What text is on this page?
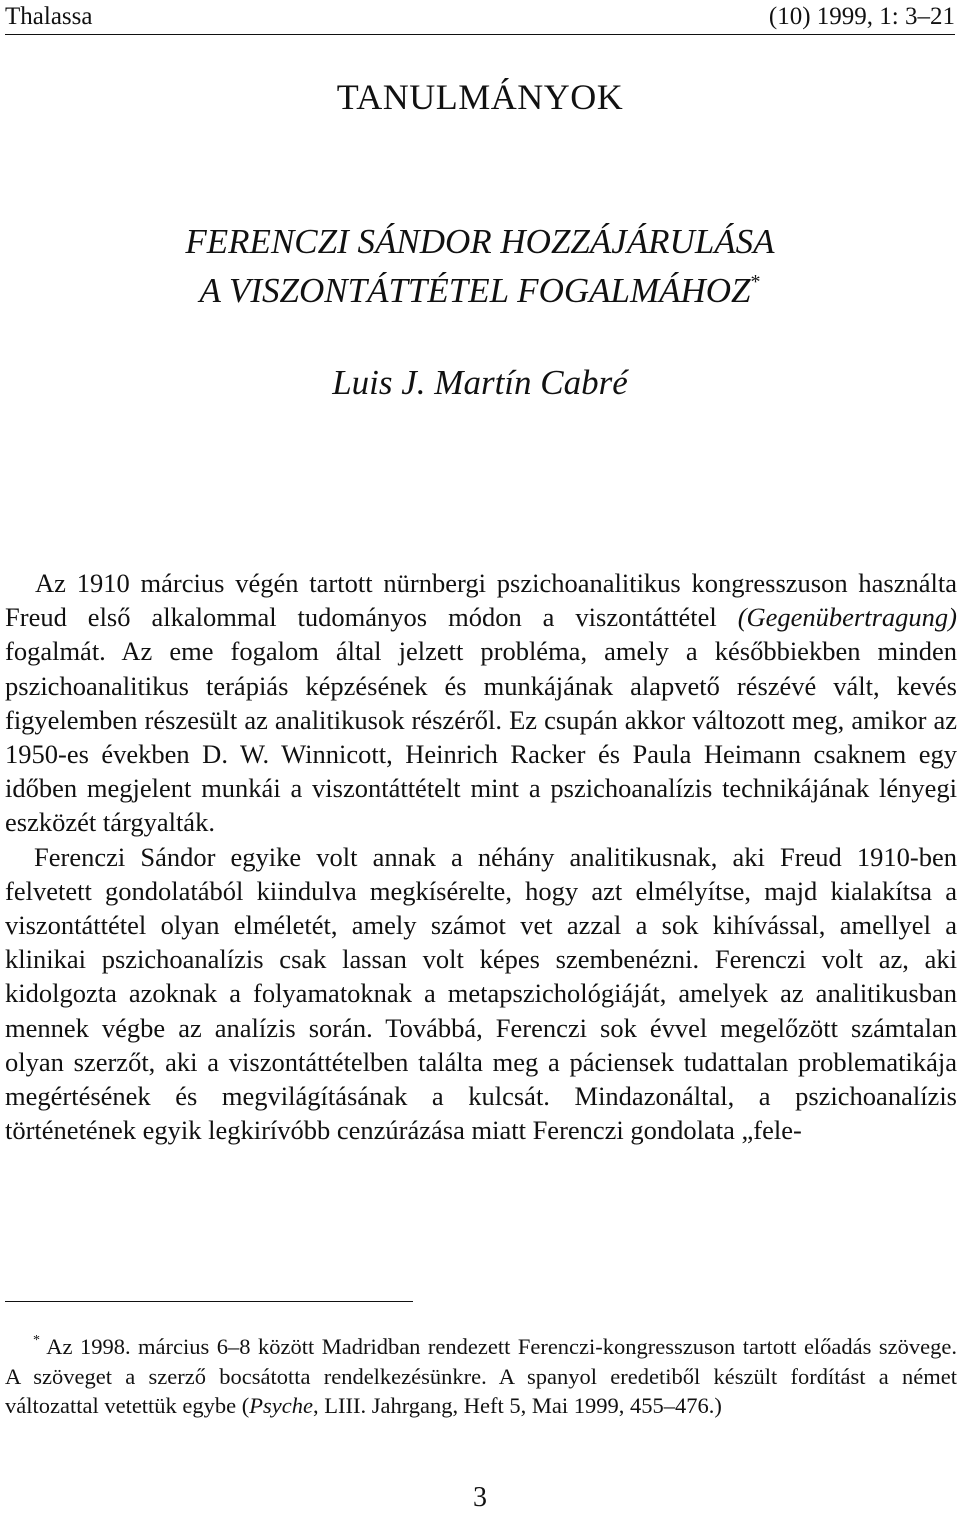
Thalassa	(10) 1999, 1: 3–21
TANULMÁNYOK
FERENCZI SÁNDOR HOZZÁJÁRULÁSA
A VISZONTÁTTÉTEL FOGALMÁHOZ*
Luis J. Martín Cabré

Az 1910 március végén tartott nürnbergi pszichoanalitikus kongresszuson használta Freud első alkalommal tudományos módon a viszontáttétel (Gegenübertragung) fogalmát. Az eme fogalom által jelzett probléma, amely a későbbiekben minden pszichoanalitikus terápiás képzésének és munkájának alapvető részévé vált, kevés figyelemben részesült az analitikusok részéről. Ez csupán akkor változott meg, amikor az 1950-es években D. W. Winnicott, Heinrich Racker és Paula Heimann csaknem egy időben megjelent munkái a viszontáttételt mint a pszichoanalízis technikájának lényegi eszközét tárgyalták.

Ferenczi Sándor egyike volt annak a néhány analitikusnak, aki Freud 1910-ben felvetett gondolatából kiindulva megkísérelte, hogy azt elmélyítse, majd kialakítsa a viszontáttétel olyan elméletét, amely számot vet azzal a sok kihívással, amellyel a klinikai pszichoanalízis csak lassan volt képes szembenézni. Ferenczi volt az, aki kidolgozta azoknak a folyamatoknak a metapszichológiáját, amelyek az analitikusban mennek végbe az analízis során. Továbbá, Ferenczi sok évvel megelőzött számtalan olyan szerzőt, aki a viszontáttételben találta meg a páciensek tudattalan problematikája megértésének és megvilágításának a kulcsát. Mindazonáltal, a pszichoanalízis történetének egyik legkirívóbb cenzúrázása miatt Ferenczi gondolata „fele-

* Az 1998. március 6–8 között Madridban rendezett Ferenczi-kongresszuson tartott előadás szövege. A szöveget a szerző bocsátotta rendelkezésünkre. A spanyol eredetiből készült fordítást a német változattal vetettük egybe (Psyche, LIII. Jahrgang, Heft 5, Mai 1999, 455–476.)

3
